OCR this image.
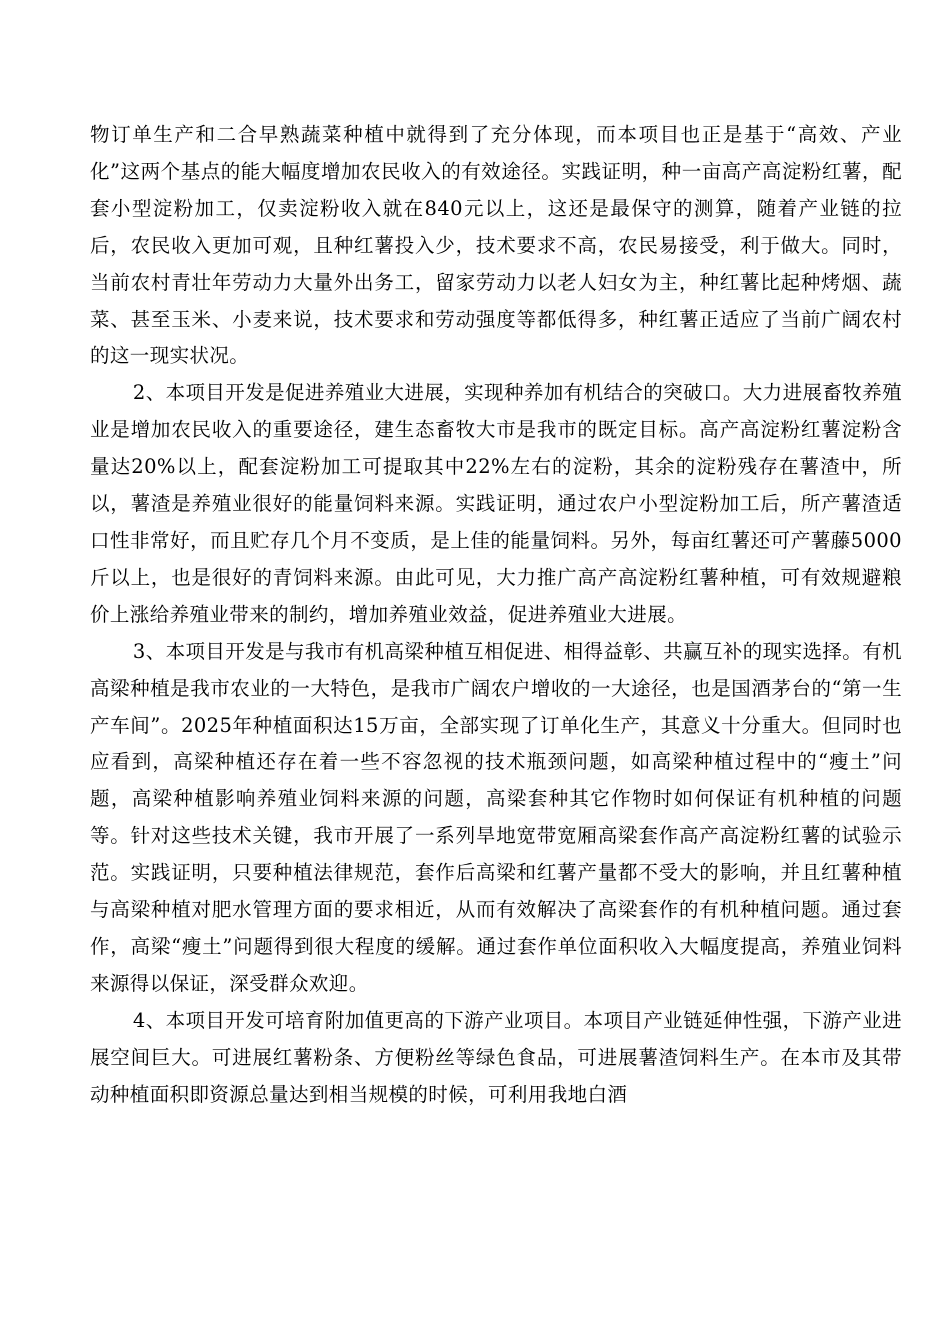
物订单生产和二合早熟蔬菜种植中就得到了充分体现，而本项目也正是基于“高效、产业化”这两个基点的能大幅度增加农民收入的有效途径。实践证明，种一亩高产高淀粉红薯，配套小型淀粉加工，仅卖淀粉收入就在840元以上，这还是最保守的测算，随着产业链的拉后，农民收入更加可观，且种红薯投入少，技术要求不高，农民易接受，利于做大。同时，当前农村青壮年劳动力大量外出务工，留家劳动力以老人妇女为主，种红薯比起种烤烟、蔬菜、甚至玉米、小麦来说，技术要求和劳动强度等都低得多，种红薯正适应了当前广阔农村的这一现实状况。

2、本项目开发是促进养殖业大进展，实现种养加有机结合的突破口。大力进展畜牧养殖业是增加农民收入的重要途径，建生态畜牧大市是我市的既定目标。高产高淀粉红薯淀粉含量达20%以上，配套淀粉加工可提取其中22%左右的淀粉，其余的淀粉残存在薯渣中，所以，薯渣是养殖业很好的能量饲料来源。实践证明，通过农户小型淀粉加工后，所产薯渣适口性非常好，而且贮存几个月不变质，是上佳的能量饲料。另外，每亩红薯还可产薯藤5000斤以上，也是很好的青饲料来源。由此可见，大力推广高产高淀粉红薯种植，可有效规避粮价上涨给养殖业带来的制约，增加养殖业效益，促进养殖业大进展。

3、本项目开发是与我市有机高梁种植互相促进、相得益彰、共赢互补的现实选择。有机高梁种植是我市农业的一大特色，是我市广阔农户增收的一大途径，也是国酒茅台的“第一生产车间”。2025年种植面积达15万亩，全部实现了订单化生产，其意义十分重大。但同时也应看到，高梁种植还存在着一些不容忽视的技术瓶颈问题，如高梁种植过程中的“瘦土”问题，高梁种植影响养殖业饲料来源的问题，高梁套种其它作物时如何保证有机种植的问题等。针对这些技术关键，我市开展了一系列旱地宽带宽厢高梁套作高产高淀粉红薯的试验示范。实践证明，只要种植法律规范，套作后高梁和红薯产量都不受大的影响，并且红薯种植与高梁种植对肥水管理方面的要求相近，从而有效解决了高梁套作的有机种植问题。通过套作，高梁“瘦土”问题得到很大程度的缓解。通过套作单位面积收入大幅度提高，养殖业饲料来源得以保证，深受群众欢迎。

4、本项目开发可培育附加值更高的下游产业项目。本项目产业链延伸性强，下游产业进展空间巨大。可进展红薯粉条、方便粉丝等绿色食品，可进展薯渣饲料生产。在本市及其带动种植面积即资源总量达到相当规模的时候，可利用我地白酒
